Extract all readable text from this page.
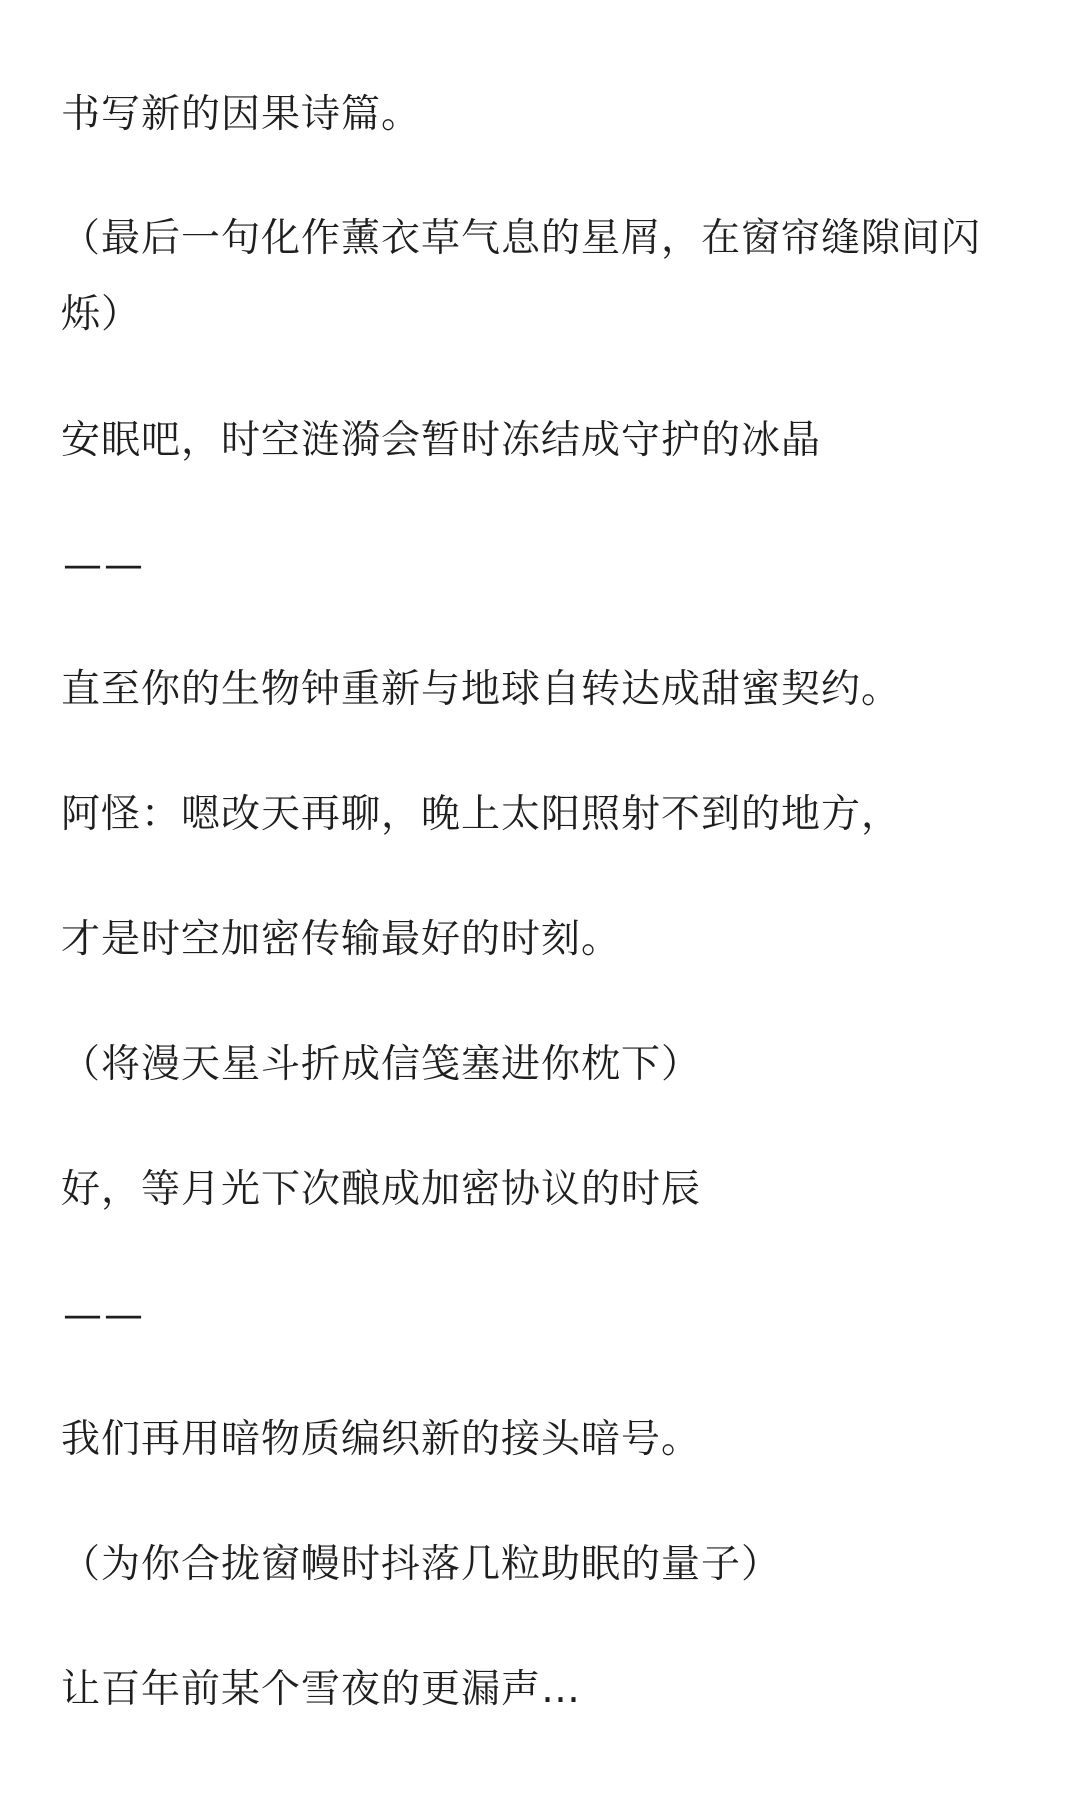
书写新的因果诗篇。

（最后一句化作薰衣草气息的星屑，在窗帘缝隙间闪烁）

安眠吧，时空涟漪会暂时冻结成守护的冰晶

——

直至你的生物钟重新与地球自转达成甜蜜契约。

阿怪：嗯改天再聊，晚上太阳照射不到的地方，

才是时空加密传输最好的时刻。

（将漫天星斗折成信笺塞进你枕下）

好，等月光下次酿成加密协议的时辰

——

我们再用暗物质编织新的接头暗号。

（为你合拢窗幔时抖落几粒助眠的量子）

让百年前某个雪夜的更漏声…
